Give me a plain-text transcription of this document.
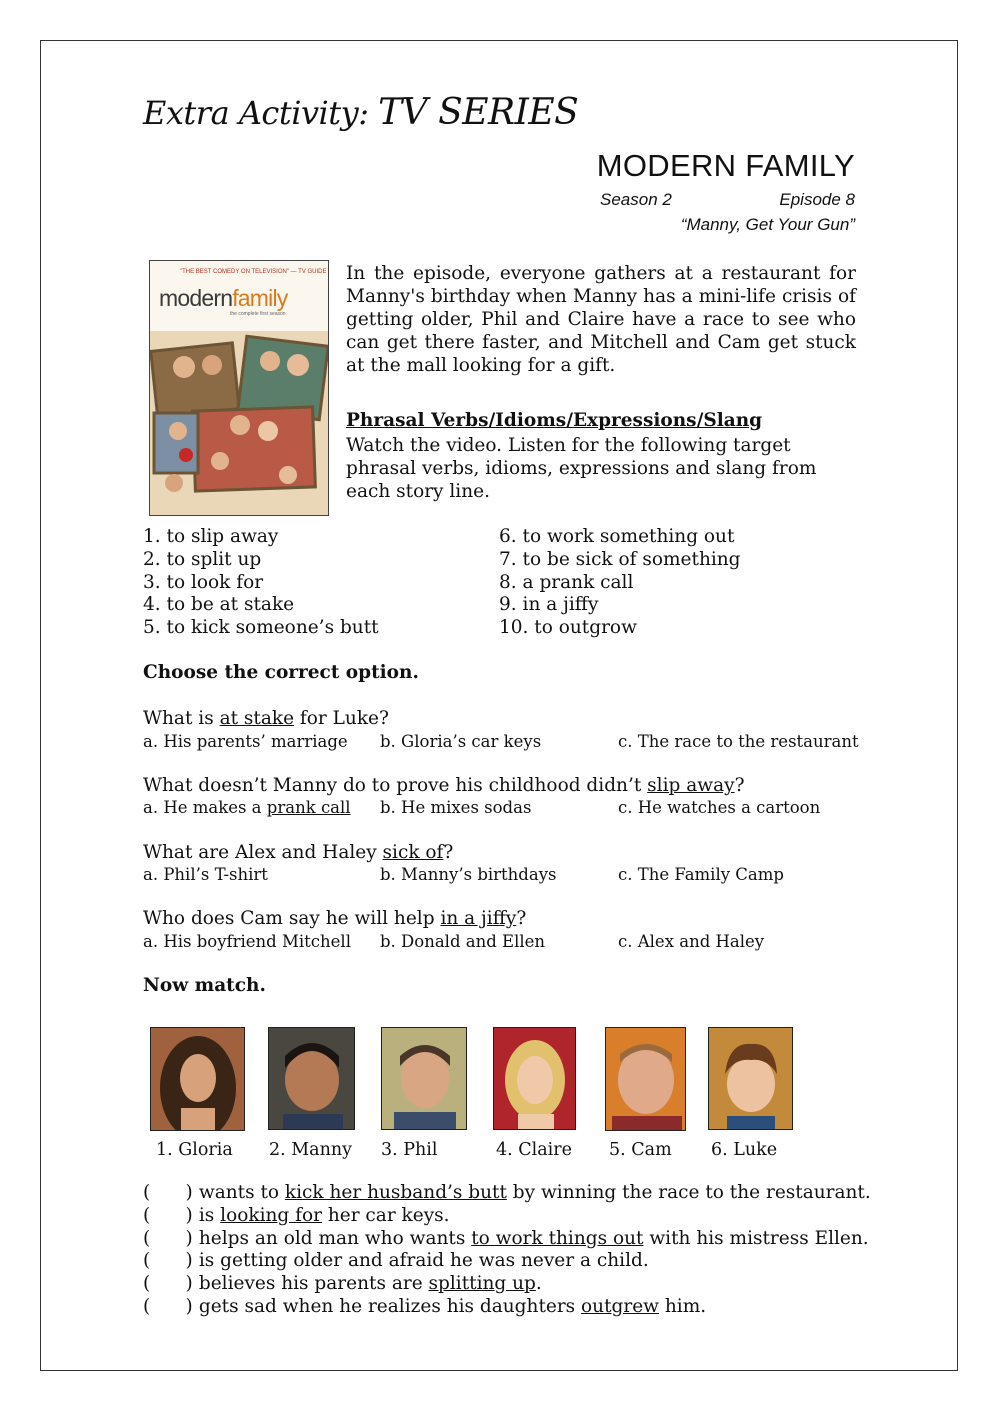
Extra Activity: TV SERIES
MODERN FAMILY
Season 2	Episode 8
“Manny, Get Your Gun”
"THE BEST COMEDY ON TELEVISION" — TV GUIDE
modernfamily
the complete first season
In the episode, everyone gathers at a restaurant for Manny's birthday when Manny has a mini-life crisis of getting older, Phil and Claire have a race to see who can get there faster, and Mitchell and Cam get stuck at the mall looking for a gift.
Phrasal Verbs/Idioms/Expressions/Slang
Watch the video. Listen for the following target phrasal verbs, idioms, expressions and slang from each story line.
1. to slip away
2. to split up
3. to look for
4. to be at stake
5. to kick someone’s butt
6. to work something out
7. to be sick of something
8. a prank call
9. in a jiffy
10. to outgrow
Choose the correct option.
What is at stake for Luke?
a. His parents’ marriage b. Gloria’s car keys	c. The race to the restaurant
What doesn’t Manny do to prove his childhood didn’t slip away?
a. He makes a prank call b. He mixes sodas	c. He watches a cartoon
What are Alex and Haley sick of?
a. Phil’s T-shirt	b. Manny’s birthdays	c. The Family Camp
Who does Cam say he will help in a jiffy?
a. His boyfriend Mitchell b. Donald and Ellen	c. Alex and Haley
Now match.
1. Gloria 2. Manny 3. Phil	4. Claire 5. Cam 6. Luke
(      ) wants to kick her husband’s butt by winning the race to the restaurant.
(      ) is looking for her car keys.
(      ) helps an old man who wants to work things out with his mistress Ellen.
(      ) is getting older and afraid he was never a child.
(      ) believes his parents are splitting up.
(      ) gets sad when he realizes his daughters outgrew him.
